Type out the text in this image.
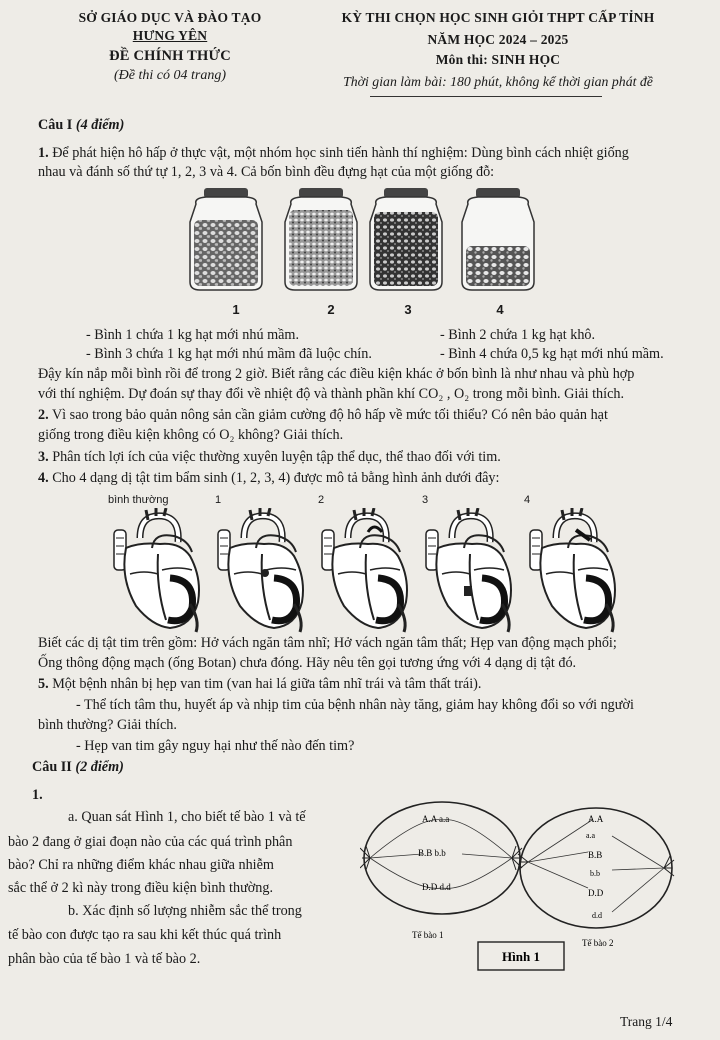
SỞ GIÁO DỤC VÀ ĐÀO TẠO
HƯNG YÊN
ĐỀ CHÍNH THỨC
(Đề thi có 04 trang)
KỲ THI CHỌN HỌC SINH GIỎI THPT CẤP TỈNH
NĂM HỌC 2024 – 2025
Môn thi: SINH HỌC
Thời gian làm bài: 180 phút, không kể thời gian phát đề
Câu I (4 điểm)
1. Để phát hiện hô hấp ở thực vật, một nhóm học sinh tiến hành thí nghiệm: Dùng bình cách nhiệt giống
nhau và đánh số thứ tự 1, 2, 3 và 4. Cả bốn bình đều đựng hạt của một giống đỗ:
1	2	3	4
- Bình 1 chứa 1 kg hạt mới nhú mầm.	- Bình 2 chứa 1 kg hạt khô.
- Bình 3 chứa 1 kg hạt mới nhú mầm đã luộc chín.	- Bình 4 chứa 0,5 kg hạt mới nhú mầm.
Đậy kín nắp mỗi bình rồi để trong 2 giờ. Biết rằng các điều kiện khác ở bốn bình là như nhau và phù hợp
với thí nghiệm. Dự đoán sự thay đổi về nhiệt độ và thành phần khí CO₂ , O₂ trong mỗi bình. Giải thích.
2. Vì sao trong bảo quản nông sản cần giảm cường độ hô hấp về mức tối thiểu? Có nên bảo quản hạt
giống trong điều kiện không có O₂ không? Giải thích.
3. Phân tích lợi ích của việc thường xuyên luyện tập thể dục, thể thao đối với tim.
4. Cho 4 dạng dị tật tim bẩm sinh (1, 2, 3, 4) được mô tả bằng hình ảnh dưới đây:
bình thường	1	2	3	4
Biết các dị tật tim trên gồm: Hở vách ngăn tâm nhĩ; Hở vách ngăn tâm thất; Hẹp van động mạch phổi;
Ống thông động mạch (ống Botan) chưa đóng. Hãy nêu tên gọi tương ứng với 4 dạng dị tật đó.
5. Một bệnh nhân bị hẹp van tim (van hai lá giữa tâm nhĩ trái và tâm thất trái).
- Thể tích tâm thu, huyết áp và nhịp tim của bệnh nhân này tăng, giảm hay không đổi so với người
bình thường? Giải thích.
- Hẹp van tim gây nguy hại như thế nào đến tim?
Câu II (2 điểm)
1.
a. Quan sát Hình 1, cho biết tế bào 1 và tế
bào 2 đang ở giai đoạn nào của các quá trình phân
bào? Chỉ ra những điểm khác nhau giữa nhiễm
sắc thể ở 2 kì này trong điều kiện bình thường.
b. Xác định số lượng nhiễm sắc thể trong
tế bào con được tạo ra sau khi kết thúc quá trình
phân bào của tế bào 1 và tế bào 2.
A.A a.a
B.B b.b
D.D d.d
Tế bào 1
A.A
a.a
B.B
b.b
D.D
d.d
Tế bào 2
Hình 1
Trang 1/4
